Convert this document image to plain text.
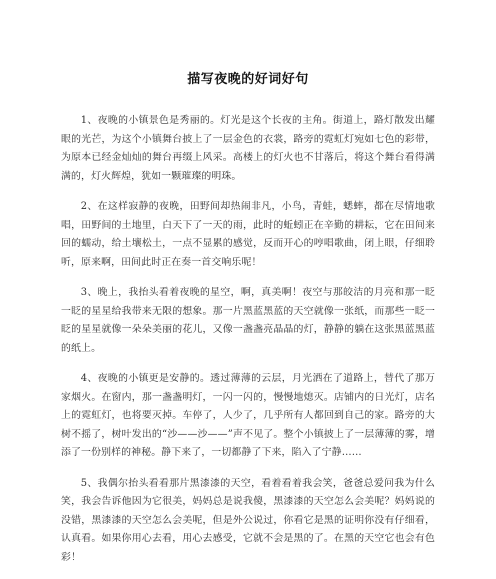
描写夜晚的好词好句

1、夜晚的小镇景色是秀丽的。灯光是这个长夜的主角。街道上，路灯散发出耀眼的光芒，为这个小镇舞台披上了一层金色的衣裳，路旁的霓虹灯宛如七色的彩带，为原本已经金灿灿的舞台再缀上风采。高楼上的灯火也不甘落后，将这个舞台看得满满的，灯火辉煌，犹如一颗璀璨的明珠。

2、在这样寂静的夜晚，田野间却热闹非凡，小鸟，青蛙，蟋蟀，都在尽情地歌唱，田野间的土地里，白天下了一天的雨，此时的蚯蚓正在辛勤的耕耘，它在田间来回的蠕动，给土壤松土，一点不显累的感觉，反而开心的哼唱歌曲，闭上眼，仔细聆听，原来啊，田间此时正在奏一首交响乐呢！

3、晚上，我抬头看着夜晚的星空，啊，真美啊！夜空与那皎洁的月亮和那一眨一眨的星星给我带来无限的想象。那一片黑蓝黑蓝的天空就像一张纸，而那些一眨一眨的星星就像一朵朵美丽的花儿，又像一盏盏亮晶晶的灯，静静的躺在这张黑蓝黑蓝的纸上。

4、夜晚的小镇更是安静的。透过薄薄的云层，月光洒在了道路上，替代了那万家烟火。在窗内，那一盏盏明灯，一闪一闪的，慢慢地熄灭。店铺内的日光灯，店名上的霓虹灯，也将要灭掉。车停了，人少了，几乎所有人都回到自己的家。路旁的大树不摇了，树叶发出的“沙——沙——”声不见了。整个小镇披上了一层薄薄的雾，增添了一份别样的神秘。静下来了，一切都静了下来，陷入了宁静……

5、我偶尔抬头看看那片黑漆漆的天空，看着看着我会笑，爸爸总爱问我为什么笑，我会告诉他因为它很美，妈妈总是说我傻，黑漆漆的天空怎么会美呢？妈妈说的没错，黑漆漆的天空怎么会美呢，但是外公说过，你看它是黑的证明你没有仔细看，认真看。如果你用心去看，用心去感受，它就不会是黑的了。在黑的天空它也会有色彩！
